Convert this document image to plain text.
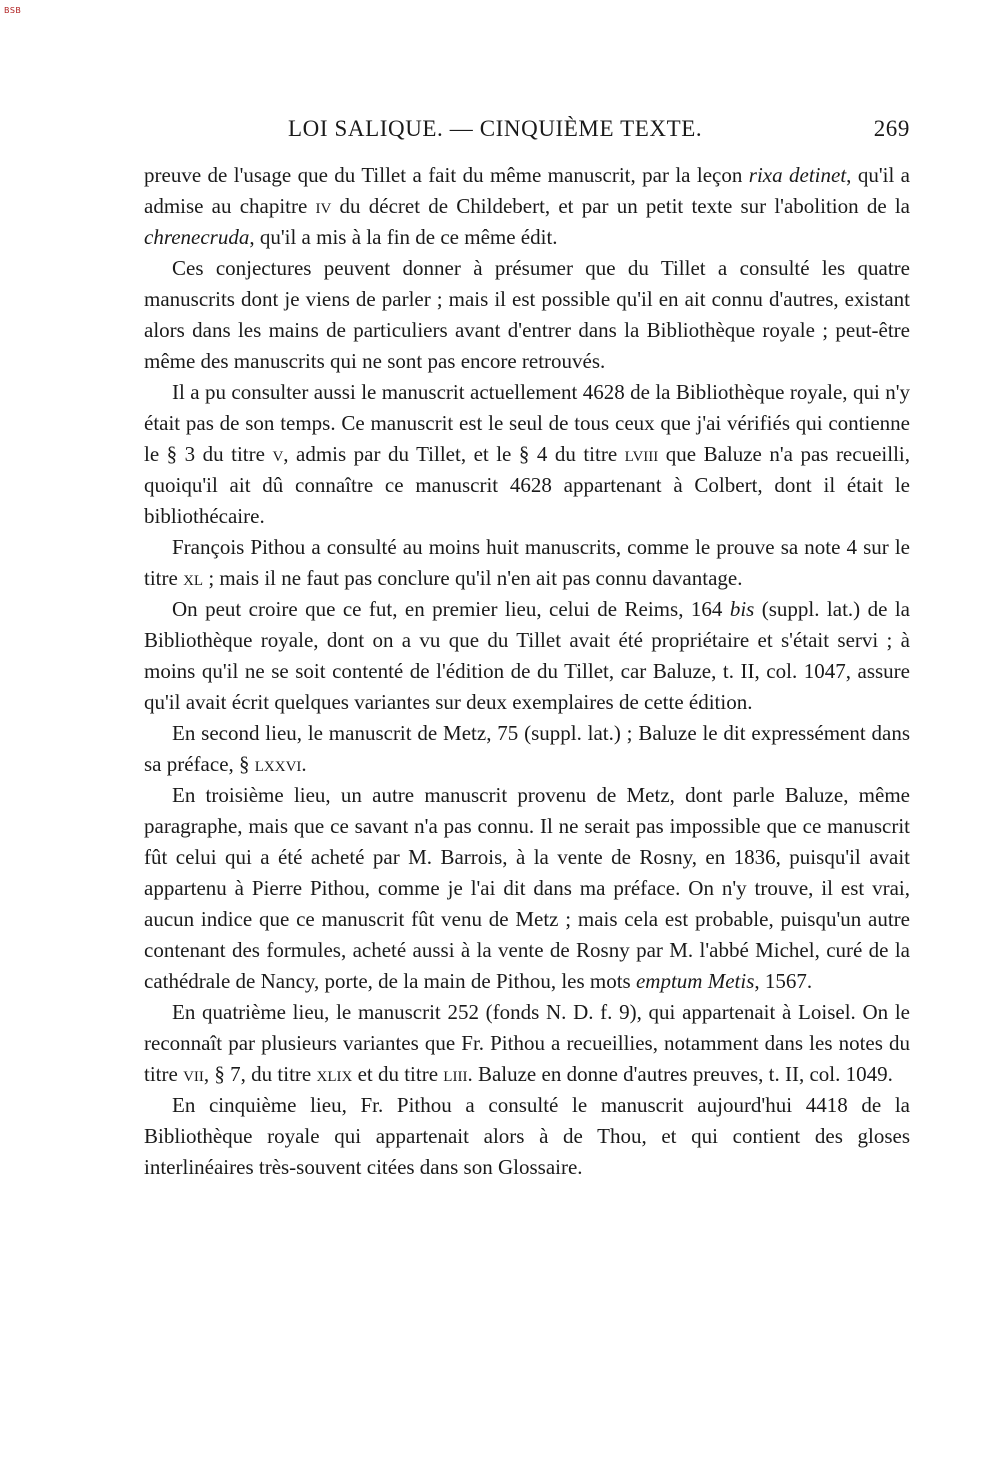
BSB
LOI SALIQUE. — CINQUIÈME TEXTE.	269

preuve de l'usage que du Tillet a fait du même manuscrit, par la leçon rixa detinet, qu'il a admise au chapitre iv du décret de Childebert, et par un petit texte sur l'abolition de la chrenecruda, qu'il a mis à la fin de ce même édit.

Ces conjectures peuvent donner à présumer que du Tillet a consulté les quatre manuscrits dont je viens de parler ; mais il est possible qu'il en ait connu d'autres, existant alors dans les mains de particuliers avant d'entrer dans la Bibliothèque royale ; peut-être même des manuscrits qui ne sont pas encore retrouvés.

Il a pu consulter aussi le manuscrit actuellement 4628 de la Bibliothèque royale, qui n'y était pas de son temps. Ce manuscrit est le seul de tous ceux que j'ai vérifiés qui contienne le § 3 du titre v, admis par du Tillet, et le § 4 du titre lviii que Baluze n'a pas recueilli, quoiqu'il ait dû connaître ce manuscrit 4628 appartenant à Colbert, dont il était le bibliothécaire.

François Pithou a consulté au moins huit manuscrits, comme le prouve sa note 4 sur le titre xl ; mais il ne faut pas conclure qu'il n'en ait pas connu davantage.

On peut croire que ce fut, en premier lieu, celui de Reims, 164 bis (suppl. lat.) de la Bibliothèque royale, dont on a vu que du Tillet avait été propriétaire et s'était servi ; à moins qu'il ne se soit contenté de l'édition de du Tillet, car Baluze, t. II, col. 1047, assure qu'il avait écrit quelques variantes sur deux exemplaires de cette édition.

En second lieu, le manuscrit de Metz, 75 (suppl. lat.) ; Baluze le dit expressément dans sa préface, § lxxvi.

En troisième lieu, un autre manuscrit provenu de Metz, dont parle Baluze, même paragraphe, mais que ce savant n'a pas connu. Il ne serait pas impossible que ce manuscrit fût celui qui a été acheté par M. Barrois, à la vente de Rosny, en 1836, puisqu'il avait appartenu à Pierre Pithou, comme je l'ai dit dans ma préface. On n'y trouve, il est vrai, aucun indice que ce manuscrit fût venu de Metz ; mais cela est probable, puisqu'un autre contenant des formules, acheté aussi à la vente de Rosny par M. l'abbé Michel, curé de la cathédrale de Nancy, porte, de la main de Pithou, les mots emptum Metis, 1567.

En quatrième lieu, le manuscrit 252 (fonds N. D. f. 9), qui appartenait à Loisel. On le reconnaît par plusieurs variantes que Fr. Pithou a recueillies, notamment dans les notes du titre vii, § 7, du titre xlix et du titre liii. Baluze en donne d'autres preuves, t. II, col. 1049.

En cinquième lieu, Fr. Pithou a consulté le manuscrit aujourd'hui 4418 de la Bibliothèque royale qui appartenait alors à de Thou, et qui contient des gloses interlinéaires très-souvent citées dans son Glossaire.
